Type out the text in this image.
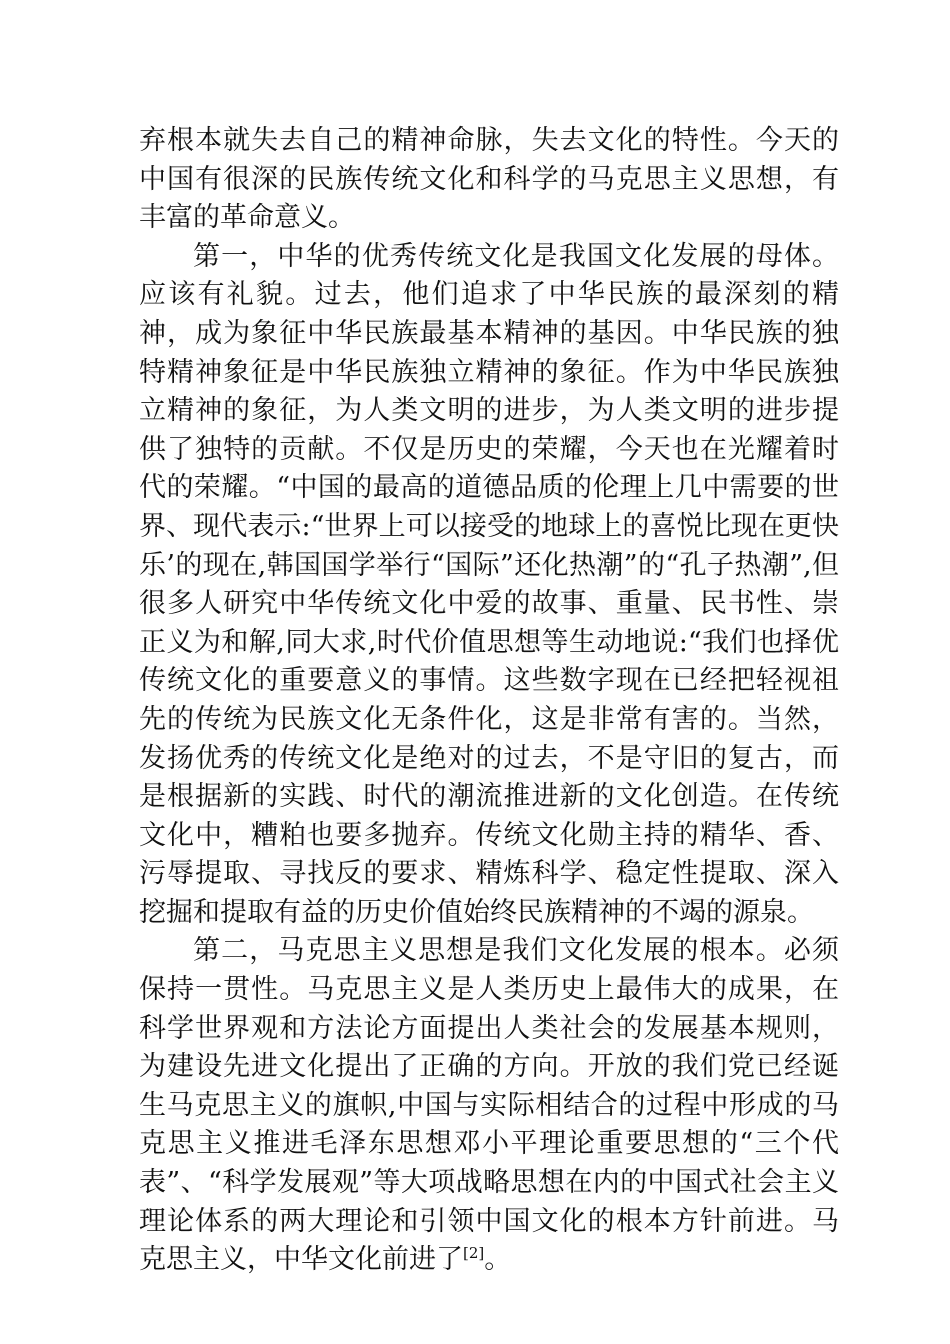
弃根本就失去自己的精神命脉，失去文化的特性。今天的中国有很深的民族传统文化和科学的马克思主义思想，有丰富的革命意义。

第一，中华的优秀传统文化是我国文化发展的母体。应该有礼貌。过去，他们追求了中华民族的最深刻的精神，成为象征中华民族最基本精神的基因。中华民族的独特精神象征是中华民族独立精神的象征。作为中华民族独立精神的象征，为人类文明的进步，为人类文明的进步提供了独特的贡献。不仅是历史的荣耀，今天也在光耀着时代的荣耀。“中国的最高的道德品质的伦理上几中需要的世界、现代表示:“世界上可以接受的地球上的喜悦比现在更快乐’的现在,韩国国学举行“国际”还化热潮”的“孔子热潮”,但很多人研究中华传统文化中爱的故事、重量、民书性、崇正义为和解,同大求,时代价值思想等生动地说:“我们也择优传统文化的重要意义的事情。这些数字现在已经把轻视祖先的传统为民族文化无条件化，这是非常有害的。当然，发扬优秀的传统文化是绝对的过去，不是守旧的复古，而是根据新的实践、时代的潮流推进新的文化创造。在传统文化中，糟粕也要多抛弃。传统文化勋主持的精华、香、污辱提取、寻找反的要求、精炼科学、稳定性提取、深入挖掘和提取有益的历史价值始终民族精神的不竭的源泉。

第二，马克思主义思想是我们文化发展的根本。必须保持一贯性。马克思主义是人类历史上最伟大的成果，在科学世界观和方法论方面提出人类社会的发展基本规则，为建设先进文化提出了正确的方向。开放的我们党已经诞生马克思主义的旗帜,中国与实际相结合的过程中形成的马克思主义推进毛泽东思想邓小平理论重要思想的“三个代表”、“科学发展观”等大项战略思想在内的中国式社会主义理论体系的两大理论和引领中国文化的根本方针前进。马克思主义，中华文化前进了[2]。
